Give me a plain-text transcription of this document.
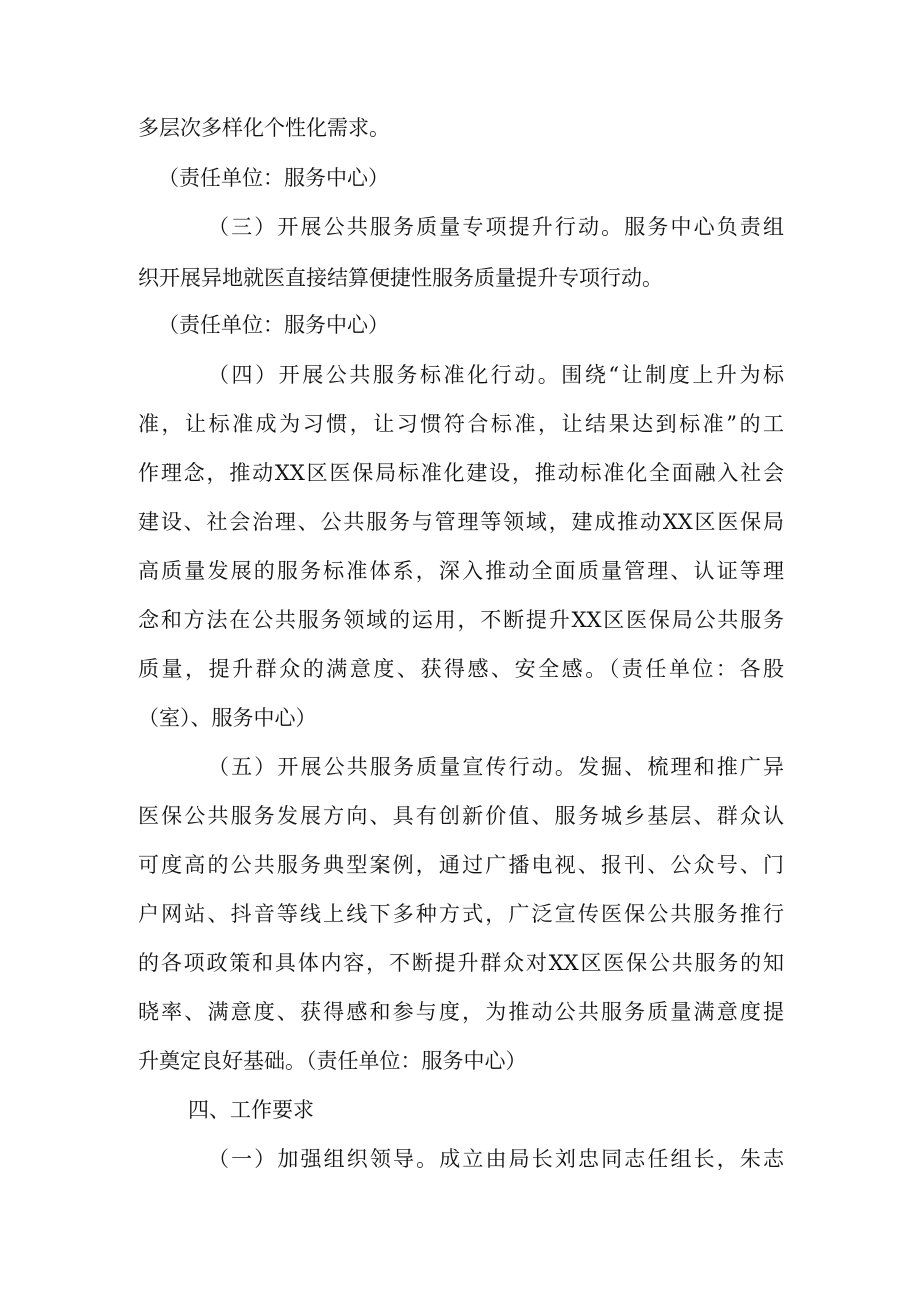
多层次多样化个性化需求。
（责任单位：服务中心）
（三）开展公共服务质量专项提升行动。服务中心负责组
织开展异地就医直接结算便捷性服务质量提升专项行动。
（责任单位：服务中心）
（四）开展公共服务标准化行动。围绕“让制度上升为标
准，让标准成为习惯，让习惯符合标准，让结果达到标准”的工
作理念，推动XX区医保局标准化建设，推动标准化全面融入社会
建设、社会治理、公共服务与管理等领域，建成推动XX区医保局
高质量发展的服务标准体系，深入推动全面质量管理、认证等理
念和方法在公共服务领域的运用，不断提升XX区医保局公共服务
质量，提升群众的满意度、获得感、安全感。（责任单位：各股
（室）、服务中心）
（五）开展公共服务质量宣传行动。发掘、梳理和推广异
医保公共服务发展方向、具有创新价值、服务城乡基层、群众认
可度高的公共服务典型案例，通过广播电视、报刊、公众号、门
户网站、抖音等线上线下多种方式，广泛宣传医保公共服务推行
的各项政策和具体内容，不断提升群众对XX区医保公共服务的知
晓率、满意度、获得感和参与度，为推动公共服务质量满意度提
升奠定良好基础。（责任单位：服务中心）
四、工作要求
（一）加强组织领导。成立由局长刘忠同志任组长，朱志
